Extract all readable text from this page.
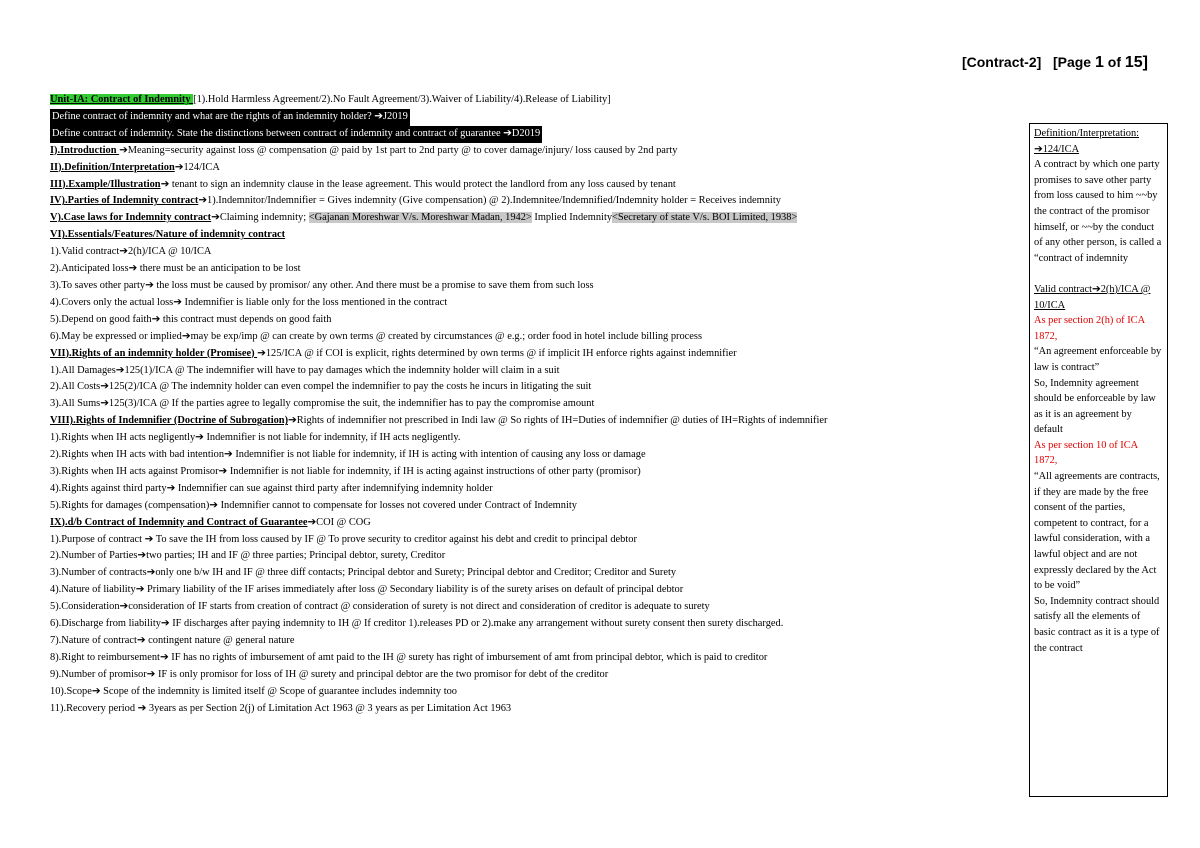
[Contract-2] [Page 1 of 15]
Unit-IA: Contract of Indemnity [1).Hold Harmless Agreement/2).No Fault Agreement/3).Waiver of Liability/4).Release of Liability]
Define contract of indemnity and what are the rights of an indemnity holder? ➔J2019
Define contract of indemnity. State the distinctions between contract of indemnity and contract of guarantee ➔D2019
I).Introduction ➔Meaning=security against loss @ compensation @ paid by 1st part to 2nd party @ to cover damage/injury/ loss caused by 2nd party
II).Definition/Interpretation➔124/ICA
III).Example/Illustration➔ tenant to sign an indemnity clause in the lease agreement. This would protect the landlord from any loss caused by tenant
IV).Parties of Indemnity contract➔1).Indemnitor/Indemnifier = Gives indemnity (Give compensation) @ 2).Indemnitee/Indemnified/Indemnity holder = Receives indemnity
V).Case laws for Indemnity contract➔Claiming indemnity; <Gajanan Moreshwar V/s. Moreshwar Madan, 1942> Implied Indemnity<Secretary of state V/s. BOI Limited, 1938>
VI).Essentials/Features/Nature of indemnity contract
1).Valid contract➔2(h)/ICA @ 10/ICA
2).Anticipated loss➔ there must be an anticipation to be lost
3).To saves other party➔ the loss must be caused by promisor/ any other. And there must be a promise to save them from such loss
4).Covers only the actual loss➔ Indemnifier is liable only for the loss mentioned in the contract
5).Depend on good faith➔ this contract must depends on good faith
6).May be expressed or implied➔may be exp/imp @ can create by own terms @ created by circumstances @ e.g.; order food in hotel include billing process
VII).Rights of an indemnity holder (Promisee) ➔125/ICA @ if COI is explicit, rights determined by own terms @ if implicit IH enforce rights against indemnifier
1).All Damages➔125(1)/ICA @ The indemnifier will have to pay damages which the indemnity holder will claim in a suit
2).All Costs➔125(2)/ICA @ The indemnity holder can even compel the indemnifier to pay the costs he incurs in litigating the suit
3).All Sums➔125(3)/ICA @ If the parties agree to legally compromise the suit, the indemnifier has to pay the compromise amount
VIII).Rights of Indemnifier (Doctrine of Subrogation)➔Rights of indemnifier not prescribed in Indi law @ So rights of IH=Duties of indemnifier @ duties of IH=Rights of indemnifier
1).Rights when IH acts negligently➔ Indemnifier is not liable for indemnity, if IH acts negligently.
2).Rights when IH acts with bad intention➔ Indemnifier is not liable for indemnity, if IH is acting with intention of causing any loss or damage
3).Rights when IH acts against Promisor➔ Indemnifier is not liable for indemnity, if IH is acting against instructions of other party (promisor)
4).Rights against third party➔ Indemnifier can sue against third party after indemnifying indemnity holder
5).Rights for damages (compensation)➔ Indemnifier cannot to compensate for losses not covered under Contract of Indemnity
IX).d/b Contract of Indemnity and Contract of Guarantee➔COI @ COG
1).Purpose of contract ➔ To save the IH from loss caused by IF @ To prove security to creditor against his debt and credit to principal debtor
2).Number of Parties➔two parties; IH and IF @ three parties; Principal debtor, surety, Creditor
3).Number of contracts➔only one b/w IH and IF @ three diff contacts; Principal debtor and Surety; Principal debtor and Creditor; Creditor and Surety
4).Nature of liability➔ Primary liability of the IF arises immediately after loss @ Secondary liability is of the surety arises on default of principal debtor
5).Consideration➔consideration of IF starts from creation of contract @ consideration of surety is not direct and consideration of creditor is adequate to surety
6).Discharge from liability➔ IF discharges after paying indemnity to IH @ If creditor 1).releases PD or 2).make any arrangement without surety consent then surety discharged.
7).Nature of contract➔ contingent nature @ general nature
8).Right to reimbursement➔ IF has no rights of imbursement of amt paid to the IH @ surety has right of imbursement of amt from principal debtor, which is paid to creditor
9).Number of promisor➔ IF is only promisor for loss of IH @ surety and principal debtor are the two promisor for debt of the creditor
10).Scope➔ Scope of the indemnity is limited itself @ Scope of guarantee includes indemnity too
11).Recovery period ➔ 3years as per Section 2(j) of Limitation Act 1963 @ 3 years as per Limitation Act 1963
Definition/Interpretation:
➔124/ICA
A contract by which one party promises to save other party from loss caused to him ~~by the contract of the promisor himself, or ~~by the conduct of any other person, is called a “contract of indemnity
Valid contract➔2(h)/ICA @ 10/ICA
As per section 2(h) of ICA 1872,
“An agreement enforceable by law is contract”
So, Indemnity agreement should be enforceable by law as it is an agreement by default
As per section 10 of ICA 1872,
“All agreements are contracts, if they are made by the free consent of the parties, competent to contract, for a lawful consideration, with a lawful object and are not expressly declared by the Act to be void”
So, Indemnity contract should satisfy all the elements of basic contract as it is a type of the contract
